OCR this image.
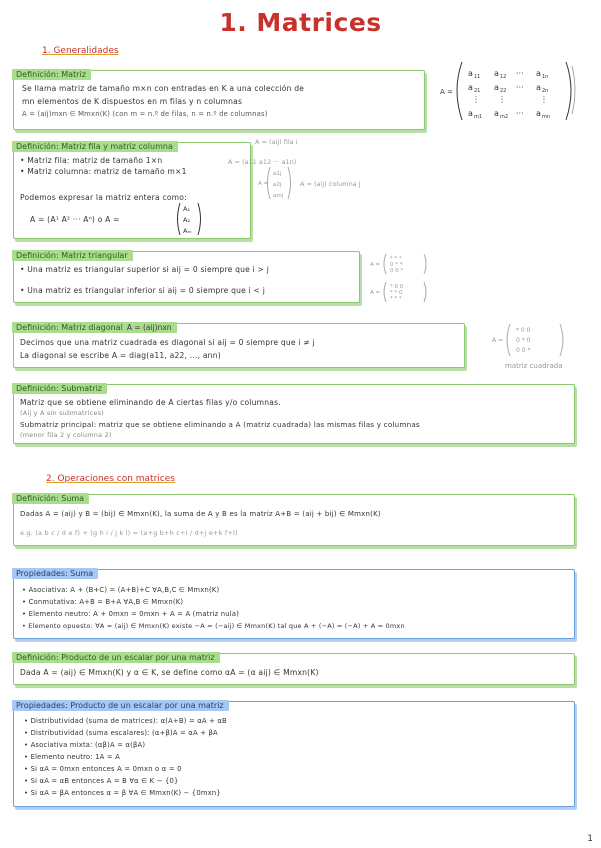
1. Matrices
1. Generalidades
A =
a 11 a 12 ··· a 1n
a 21 a 22 ··· a 2n
⋮ ⋮	⋮
a m1 a m2 ··· a mn
Definición: Matriz
Se llama matriz de tamaño m×n con entradas en K a una colección de
mn elementos de K dispuestos en m filas y n columnas
A = (aij)mxn ∈ Mmxn(K) (con m = n.º de filas, n = n.º de columnas)
Definición: Matriz fila y matriz columna
• Matriz fila: matriz de tamaño 1×n
• Matriz columna: matriz de tamaño m×1
Podemos expresar la matriz entera como:
A = (A¹ A² ··· Aⁿ) o A =
A₁
A₂
Aₘ
A = (aij) fila i
A = (a11 a12 ··· a1n)
A = (aij) columna j
A =
a1j
a2j
amj
Definición: Matriz triangular
• Una matriz es triangular superior si aij = 0 siempre que i > j
• Una matriz es triangular inferior si aij = 0 siempre que i < j
A =
* * *
0 * *
0 0 *
A =
* 0 0
* * 0
* * *
Definición: Matriz diagonal A = (aij)nxn
Decimos que una matriz cuadrada es diagonal si aij = 0 siempre que i ≠ j
La diagonal se escribe A = diag(a11, a22, ..., ann)
A =
* 0 0
0 * 0
0 0 *
matriz cuadrada
Definición: Submatriz
Matriz que se obtiene eliminando de A ciertas filas y/o columnas.
(Aij y A sin submatrices)
Submatriz principal: matriz que se obtiene eliminando a A (matriz cuadrada) las mismas filas y columnas
(menor fila 2 y columna 2)
2. Operaciones con matrices
Definición: Suma
Dadas A = (aij) y B = (bij) ∈ Mmxn(K), la suma de A y B es la matriz A+B = (aij + bij) ∈ Mmxn(K)
e.g. (a b c / d e f) + (g h i / j k l) = (a+g b+h c+i / d+j e+k f+l)
Propiedades: Suma
• Asociativa: A + (B+C) = (A+B)+C ∀A,B,C ∈ Mmxn(K)
• Conmutativa: A+B = B+A ∀A,B ∈ Mmxn(K)
• Elemento neutro: A + 0mxn = 0mxn + A = A (matriz nula)
• Elemento opuesto: ∀A = (aij) ∈ Mmxn(K) existe −A = (−aij) ∈ Mmxn(K) tal que A + (−A) = (−A) + A = 0mxn
Definición: Producto de un escalar por una matriz
Dada A = (aij) ∈ Mmxn(K) y α ∈ K, se define como αA = (α aij) ∈ Mmxn(K)
Propiedades: Producto de un escalar por una matriz
• Distributividad (suma de matrices): α(A+B) = αA + αB
• Distributividad (suma escalares): (α+β)A = αA + βA
• Asociativa mixta: (αβ)A = α(βA)
• Elemento neutro: 1A = A
• Si αA = 0mxn entonces A = 0mxn o α = 0
• Si αA = αB entonces A = B ∀α ∈ K − {0}
• Si αA = βA entonces α = β ∀A ∈ Mmxn(K) − {0mxn}
1
